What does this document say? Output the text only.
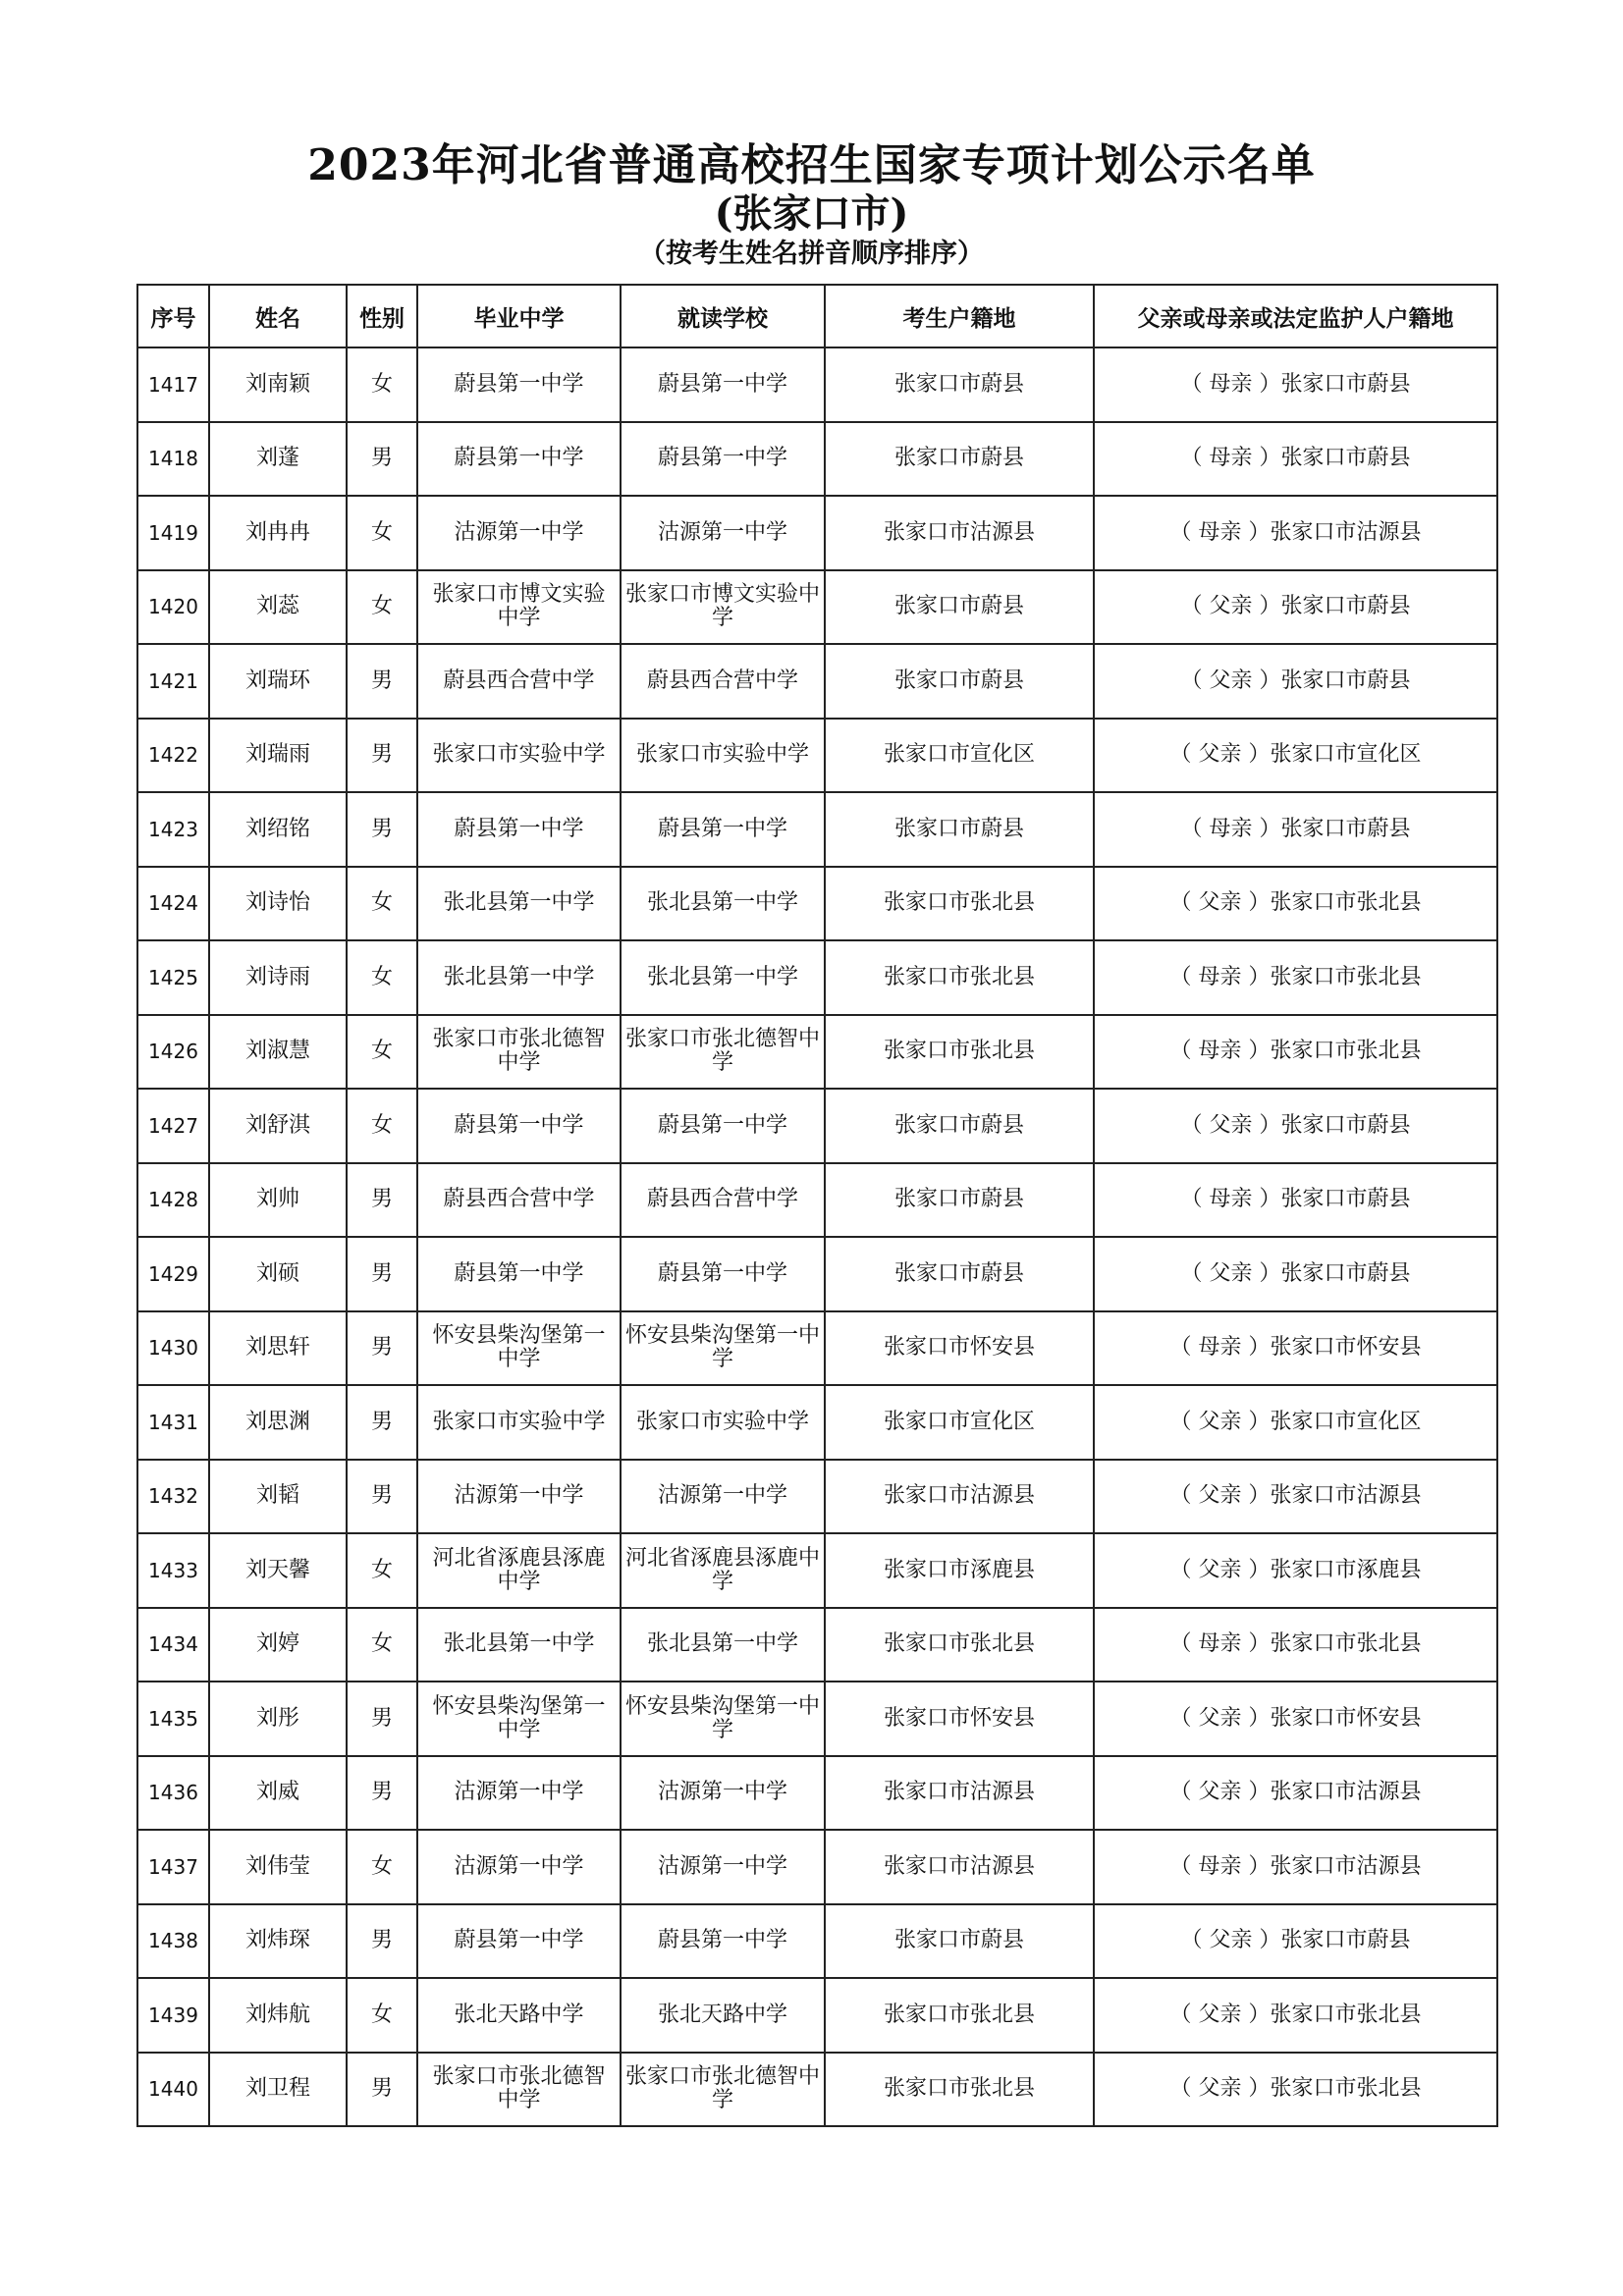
2023年河北省普通高校招生国家专项计划公示名单
(张家口市)
（按考生姓名拼音顺序排序）
序号	姓名	性别	毕业中学	就读学校	考生户籍地	父亲或母亲或法定监护人户籍地
1417	刘南颖	女	蔚县第一中学	蔚县第一中学	张家口市蔚县	（ 母亲 ）张家口市蔚县
1418	刘蓬	男	蔚县第一中学	蔚县第一中学	张家口市蔚县	（ 母亲 ）张家口市蔚县
1419	刘冉冉	女	沽源第一中学	沽源第一中学	张家口市沽源县	（ 母亲 ）张家口市沽源县
1420	刘蕊	女	张家口市博文实验中学	张家口市博文实验中学	张家口市蔚县	（ 父亲 ）张家口市蔚县
1421	刘瑞环	男	蔚县西合营中学	蔚县西合营中学	张家口市蔚县	（ 父亲 ）张家口市蔚县
1422	刘瑞雨	男	张家口市实验中学	张家口市实验中学	张家口市宣化区	（ 父亲 ）张家口市宣化区
1423	刘绍铭	男	蔚县第一中学	蔚县第一中学	张家口市蔚县	（ 母亲 ）张家口市蔚县
1424	刘诗怡	女	张北县第一中学	张北县第一中学	张家口市张北县	（ 父亲 ）张家口市张北县
1425	刘诗雨	女	张北县第一中学	张北县第一中学	张家口市张北县	（ 母亲 ）张家口市张北县
1426	刘淑慧	女	张家口市张北德智中学	张家口市张北德智中学	张家口市张北县	（ 母亲 ）张家口市张北县
1427	刘舒淇	女	蔚县第一中学	蔚县第一中学	张家口市蔚县	（ 父亲 ）张家口市蔚县
1428	刘帅	男	蔚县西合营中学	蔚县西合营中学	张家口市蔚县	（ 母亲 ）张家口市蔚县
1429	刘硕	男	蔚县第一中学	蔚县第一中学	张家口市蔚县	（ 父亲 ）张家口市蔚县
1430	刘思轩	男	怀安县柴沟堡第一中学	怀安县柴沟堡第一中学	张家口市怀安县	（ 母亲 ）张家口市怀安县
1431	刘思渊	男	张家口市实验中学	张家口市实验中学	张家口市宣化区	（ 父亲 ）张家口市宣化区
1432	刘韬	男	沽源第一中学	沽源第一中学	张家口市沽源县	（ 父亲 ）张家口市沽源县
1433	刘天馨	女	河北省涿鹿县涿鹿中学	河北省涿鹿县涿鹿中学	张家口市涿鹿县	（ 父亲 ）张家口市涿鹿县
1434	刘婷	女	张北县第一中学	张北县第一中学	张家口市张北县	（ 母亲 ）张家口市张北县
1435	刘彤	男	怀安县柴沟堡第一中学	怀安县柴沟堡第一中学	张家口市怀安县	（ 父亲 ）张家口市怀安县
1436	刘威	男	沽源第一中学	沽源第一中学	张家口市沽源县	（ 父亲 ）张家口市沽源县
1437	刘伟莹	女	沽源第一中学	沽源第一中学	张家口市沽源县	（ 母亲 ）张家口市沽源县
1438	刘炜琛	男	蔚县第一中学	蔚县第一中学	张家口市蔚县	（ 父亲 ）张家口市蔚县
1439	刘炜航	女	张北天路中学	张北天路中学	张家口市张北县	（ 父亲 ）张家口市张北县
1440	刘卫程	男	张家口市张北德智中学	张家口市张北德智中学	张家口市张北县	（ 父亲 ）张家口市张北县
